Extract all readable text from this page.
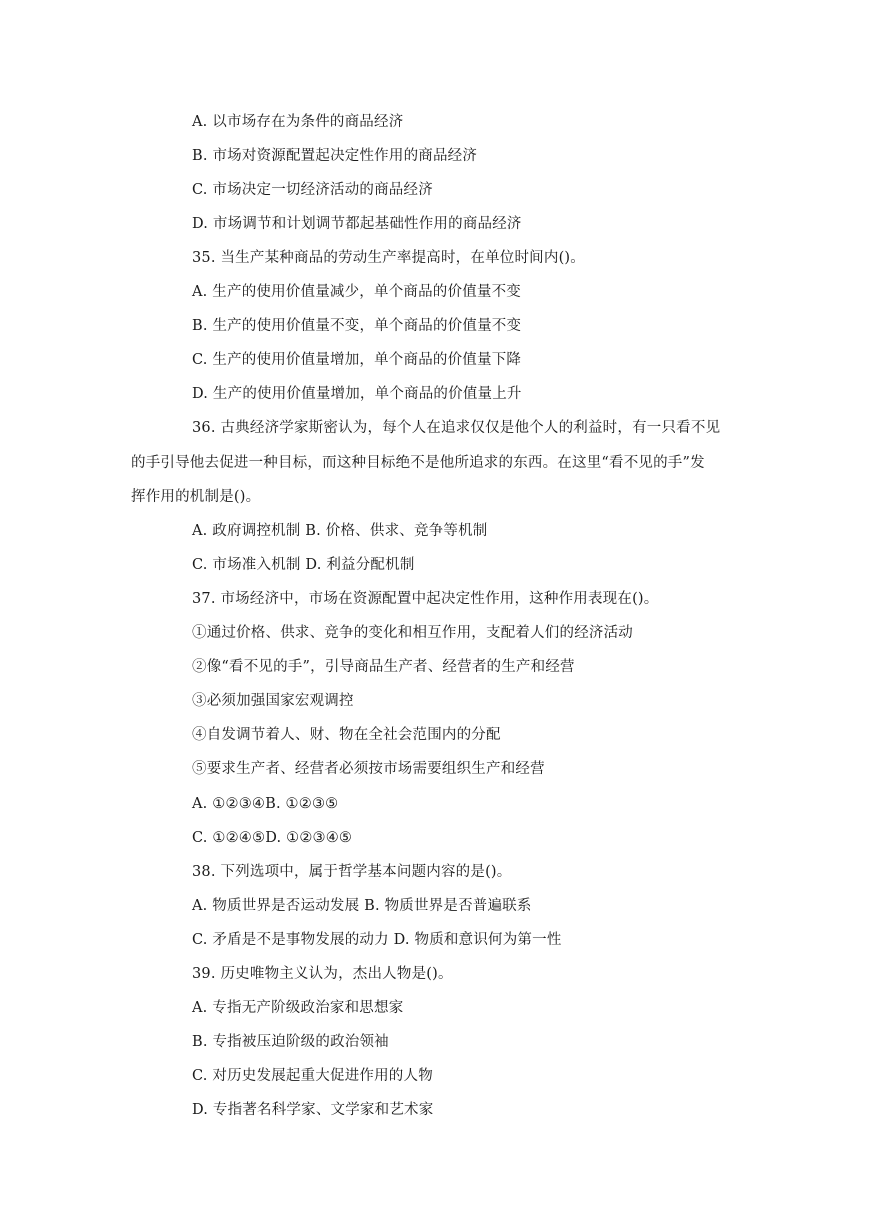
A. 以市场存在为条件的商品经济
B. 市场对资源配置起决定性作用的商品经济
C. 市场决定一切经济活动的商品经济
D. 市场调节和计划调节都起基础性作用的商品经济
35. 当生产某种商品的劳动生产率提高时，在单位时间内()。
A. 生产的使用价值量减少，单个商品的价值量不变
B. 生产的使用价值量不变，单个商品的价值量不变
C. 生产的使用价值量增加，单个商品的价值量下降
D. 生产的使用价值量增加，单个商品的价值量上升
36. 古典经济学家斯密认为，每个人在追求仅仅是他个人的利益时，有一只看不见
的手引导他去促进一种目标，而这种目标绝不是他所追求的东西。在这里“看不见的手”发
挥作用的机制是()。
A. 政府调控机制 B. 价格、供求、竞争等机制
C. 市场准入机制 D. 利益分配机制
37. 市场经济中，市场在资源配置中起决定性作用，这种作用表现在()。
①通过价格、供求、竞争的变化和相互作用，支配着人们的经济活动
②像“看不见的手”，引导商品生产者、经营者的生产和经营
③必须加强国家宏观调控
④自发调节着人、财、物在全社会范围内的分配
⑤要求生产者、经营者必须按市场需要组织生产和经营
A. ①②③④B. ①②③⑤
C. ①②④⑤D. ①②③④⑤
38. 下列选项中，属于哲学基本问题内容的是()。
A. 物质世界是否运动发展 B. 物质世界是否普遍联系
C. 矛盾是不是事物发展的动力 D. 物质和意识何为第一性
39. 历史唯物主义认为，杰出人物是()。
A. 专指无产阶级政治家和思想家
B. 专指被压迫阶级的政治领袖
C. 对历史发展起重大促进作用的人物
D. 专指著名科学家、文学家和艺术家
